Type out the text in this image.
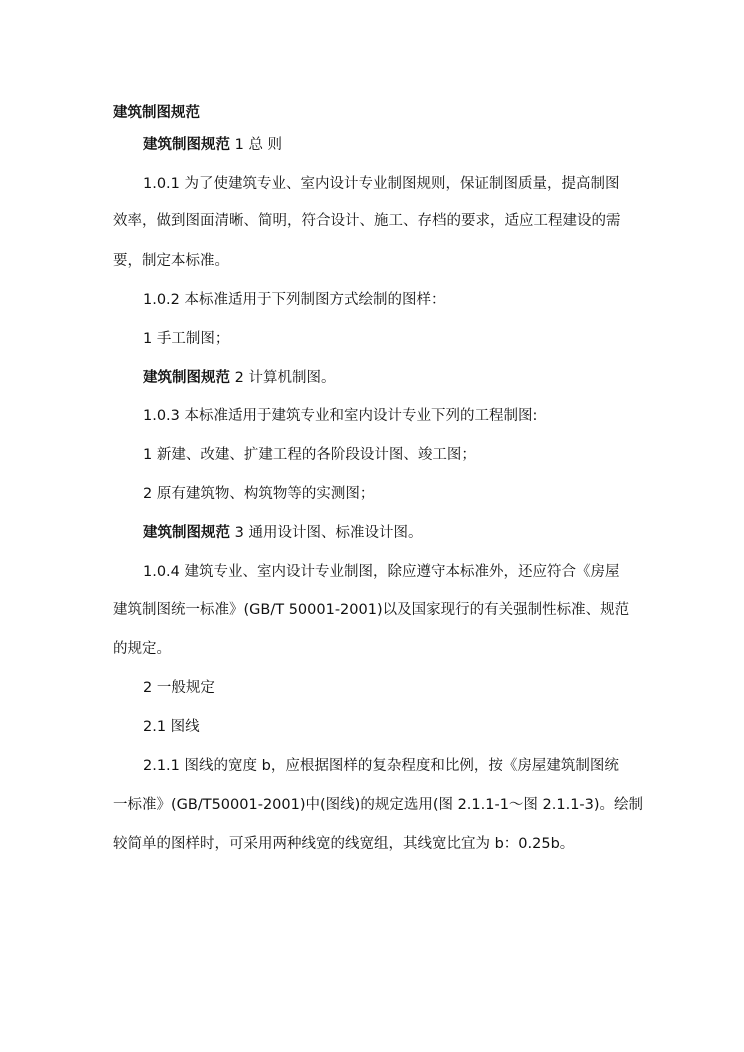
建筑制图规范
建筑制图规范 1 总 则
1.0.1 为了使建筑专业、室内设计专业制图规则，保证制图质量，提高制图
效率，做到图面清晰、简明，符合设计、施工、存档的要求，适应工程建设的需
要，制定本标准。
1.0.2 本标准适用于下列制图方式绘制的图样：
1 手工制图；
建筑制图规范 2 计算机制图。
1.0.3 本标准适用于建筑专业和室内设计专业下列的工程制图:
1 新建、改建、扩建工程的各阶段设计图、竣工图；
2 原有建筑物、构筑物等的实测图；
建筑制图规范 3 通用设计图、标准设计图。
1.0.4 建筑专业、室内设计专业制图，除应遵守本标准外，还应符合《房屋
建筑制图统一标准》(GB/T 50001-2001)以及国家现行的有关强制性标准、规范
的规定。
2 一般规定
2.1 图线
2.1.1 图线的宽度 b，应根据图样的复杂程度和比例，按《房屋建筑制图统
一标准》(GB/T50001-2001)中(图线)的规定选用(图 2.1.1-1～图 2.1.1-3)。绘制
较简单的图样时，可采用两种线宽的线宽组，其线宽比宜为 b：0.25b。
